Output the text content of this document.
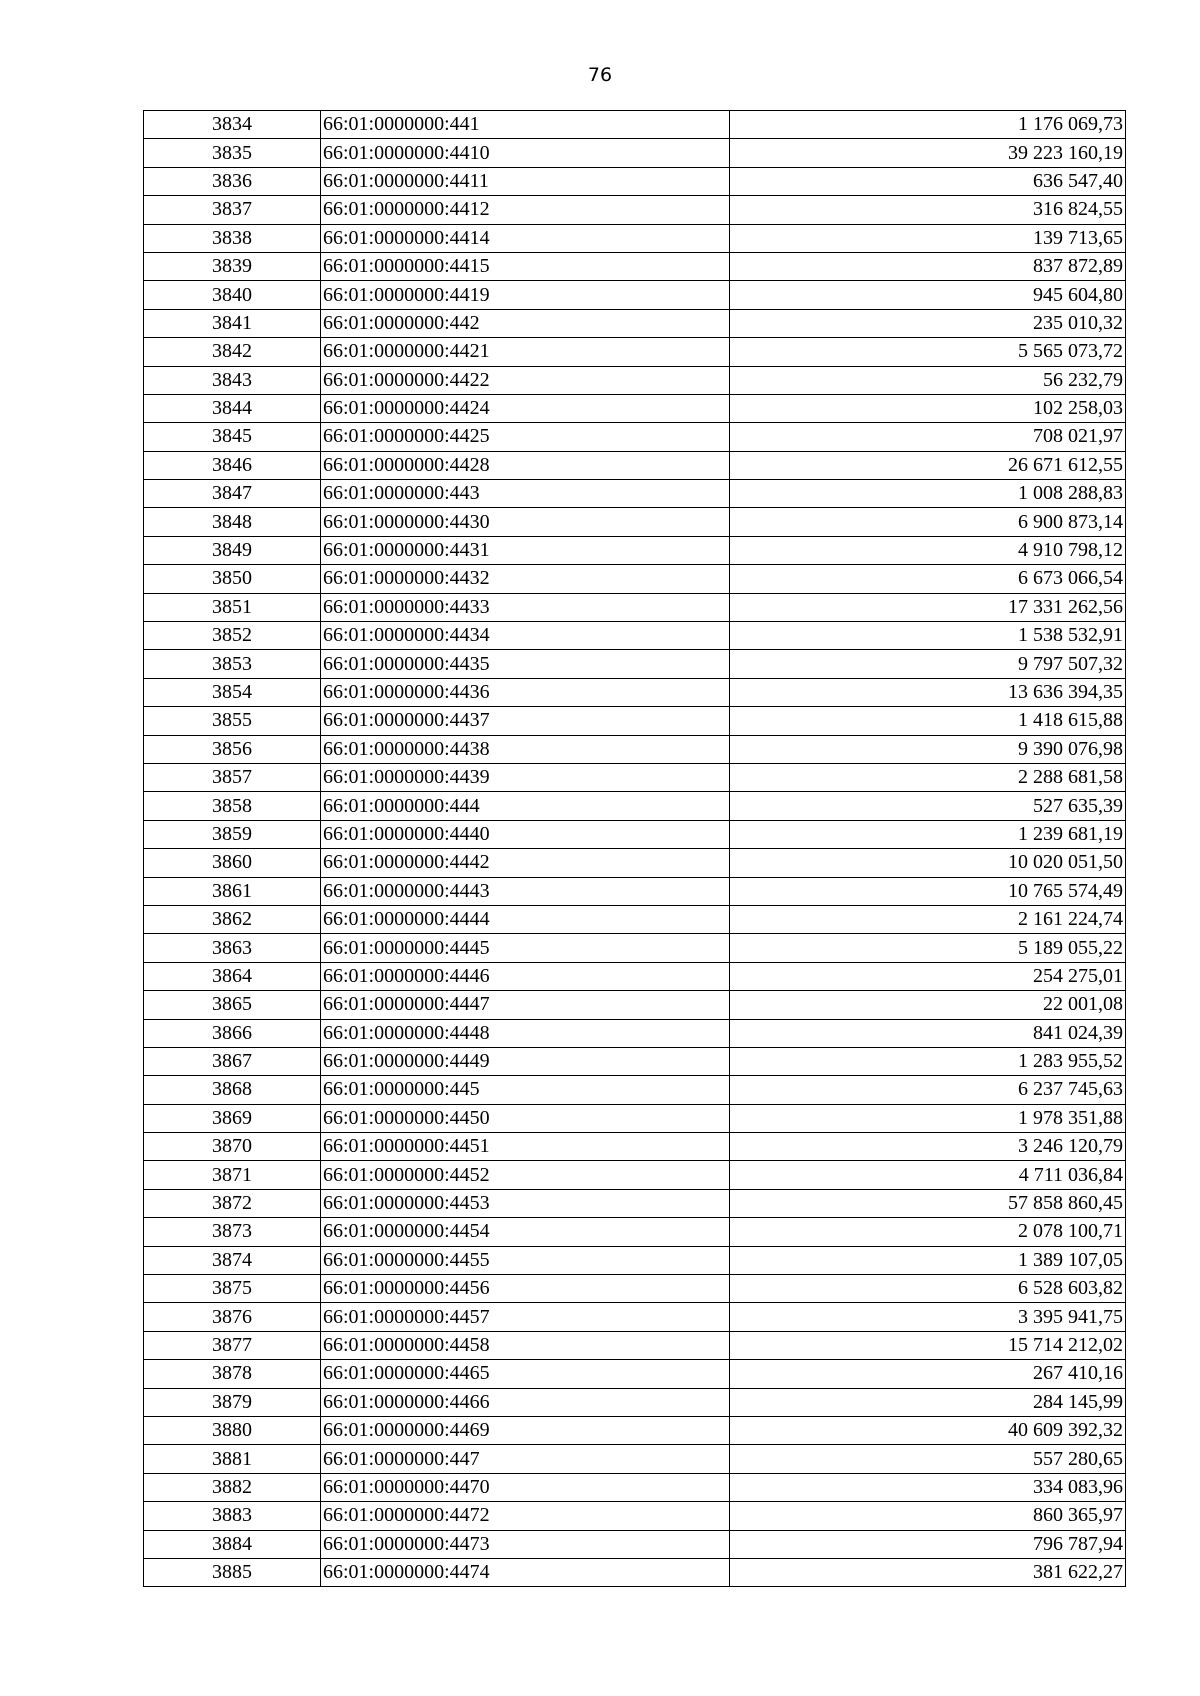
76
3834	66:01:0000000:441	1 176 069,73
3835	66:01:0000000:4410	39 223 160,19
3836	66:01:0000000:4411	636 547,40
3837	66:01:0000000:4412	316 824,55
3838	66:01:0000000:4414	139 713,65
3839	66:01:0000000:4415	837 872,89
3840	66:01:0000000:4419	945 604,80
3841	66:01:0000000:442	235 010,32
3842	66:01:0000000:4421	5 565 073,72
3843	66:01:0000000:4422	56 232,79
3844	66:01:0000000:4424	102 258,03
3845	66:01:0000000:4425	708 021,97
3846	66:01:0000000:4428	26 671 612,55
3847	66:01:0000000:443	1 008 288,83
3848	66:01:0000000:4430	6 900 873,14
3849	66:01:0000000:4431	4 910 798,12
3850	66:01:0000000:4432	6 673 066,54
3851	66:01:0000000:4433	17 331 262,56
3852	66:01:0000000:4434	1 538 532,91
3853	66:01:0000000:4435	9 797 507,32
3854	66:01:0000000:4436	13 636 394,35
3855	66:01:0000000:4437	1 418 615,88
3856	66:01:0000000:4438	9 390 076,98
3857	66:01:0000000:4439	2 288 681,58
3858	66:01:0000000:444	527 635,39
3859	66:01:0000000:4440	1 239 681,19
3860	66:01:0000000:4442	10 020 051,50
3861	66:01:0000000:4443	10 765 574,49
3862	66:01:0000000:4444	2 161 224,74
3863	66:01:0000000:4445	5 189 055,22
3864	66:01:0000000:4446	254 275,01
3865	66:01:0000000:4447	22 001,08
3866	66:01:0000000:4448	841 024,39
3867	66:01:0000000:4449	1 283 955,52
3868	66:01:0000000:445	6 237 745,63
3869	66:01:0000000:4450	1 978 351,88
3870	66:01:0000000:4451	3 246 120,79
3871	66:01:0000000:4452	4 711 036,84
3872	66:01:0000000:4453	57 858 860,45
3873	66:01:0000000:4454	2 078 100,71
3874	66:01:0000000:4455	1 389 107,05
3875	66:01:0000000:4456	6 528 603,82
3876	66:01:0000000:4457	3 395 941,75
3877	66:01:0000000:4458	15 714 212,02
3878	66:01:0000000:4465	267 410,16
3879	66:01:0000000:4466	284 145,99
3880	66:01:0000000:4469	40 609 392,32
3881	66:01:0000000:447	557 280,65
3882	66:01:0000000:4470	334 083,96
3883	66:01:0000000:4472	860 365,97
3884	66:01:0000000:4473	796 787,94
3885	66:01:0000000:4474	381 622,27
